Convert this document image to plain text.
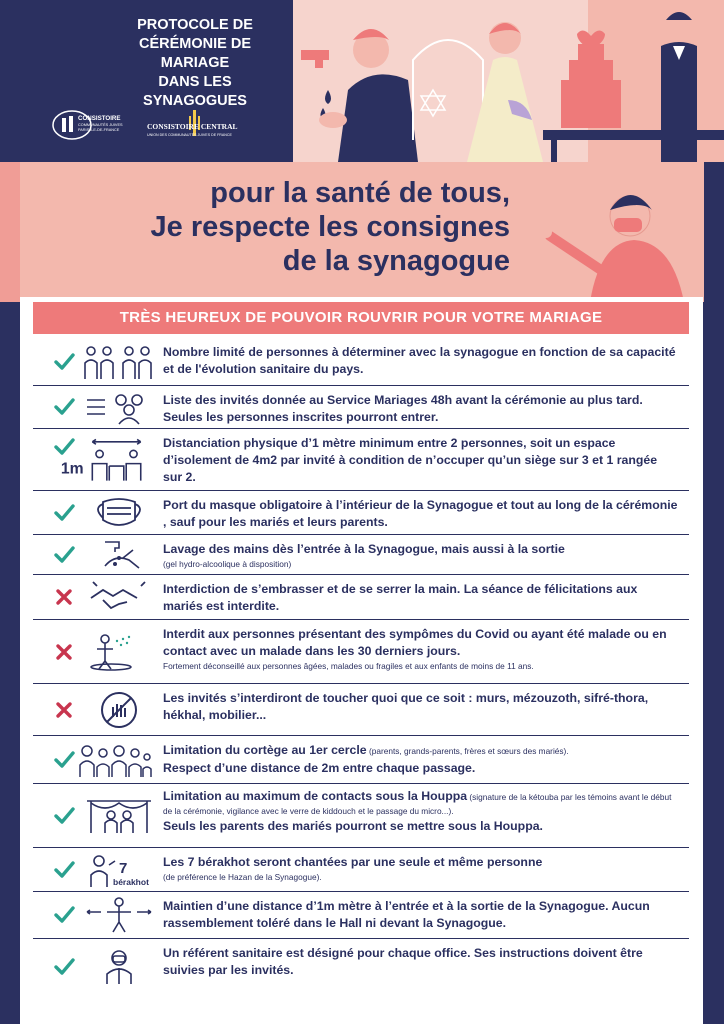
PROTOCOLE DE
CÉRÉMONIE DE MARIAGE
DANS LES SYNAGOGUES
CONSISTOIRE
COMMUNAUTÉS JUIVES
PARIS ILE-DE-FRANCE	CONSISTOIRE CENTRAL
UNION DES COMMUNAUTÉS JUIVES DE FRANCE
pour la santé de tous,
Je respecte les consignes
de la synagogue
TRÈS HEUREUX DE POUVOIR ROUVRIR POUR VOTRE MARIAGE
Nombre limité de personnes à déterminer avec la synagogue en fonction de sa capacité et de l'évolution sanitaire du pays.
Liste des invités donnée au Service Mariages 48h avant la cérémonie au plus tard. Seules les personnes inscrites pourront entrer.
1m
Distanciation physique d’1 mètre minimum entre 2 personnes, soit un espace d’isolement de 4m2 par invité à condition de n’occuper qu’un siège sur 3 et 1 rangée sur 2.
Port du masque obligatoire à l’intérieur de la Synagogue et tout au long de la cérémonie , sauf pour les mariés et leurs parents.
Lavage des mains dès l’entrée à la Synagogue, mais aussi à la sortie
(gel hydro-alcoolique à disposition)
Interdiction de s’embrasser et de se serrer la main. La séance de félicitations aux mariés est interdite.
Interdit aux personnes présentant des sympômes du Covid ou ayant été malade ou en contact avec un malade dans les 30 derniers jours.
Fortement déconseillé aux personnes âgées, malades ou fragiles et aux enfants de moins de 11 ans.
Les invités s’interdiront de toucher quoi que ce soit : murs, mézouzoth, sifré-thora, hékhal, mobilier...
Limitation du cortège au 1er cercle (parents, grands-parents, frères et sœurs des mariés).
Respect d’une distance de 2m entre chaque passage.
Limitation au maximum de contacts sous la Houppa (signature de la kétouba par les témoins avant le début de la cérémonie, vigilance avec le verre de kiddouch et le passage du micro...).
Seuls les parents des mariés pourront se mettre sous la Houppa.
7
bérakhot
Les 7 bérakhot seront chantées par une seule et même personne
(de préférence le Hazan de la Synagogue).
Maintien d’une distance d’1m mètre à l’entrée et à la sortie de la Synagogue. Aucun rassemblement toléré dans le Hall ni devant la Synagogue.
Un référent sanitaire est désigné pour chaque office. Ses instructions doivent être suivies par les invités.
